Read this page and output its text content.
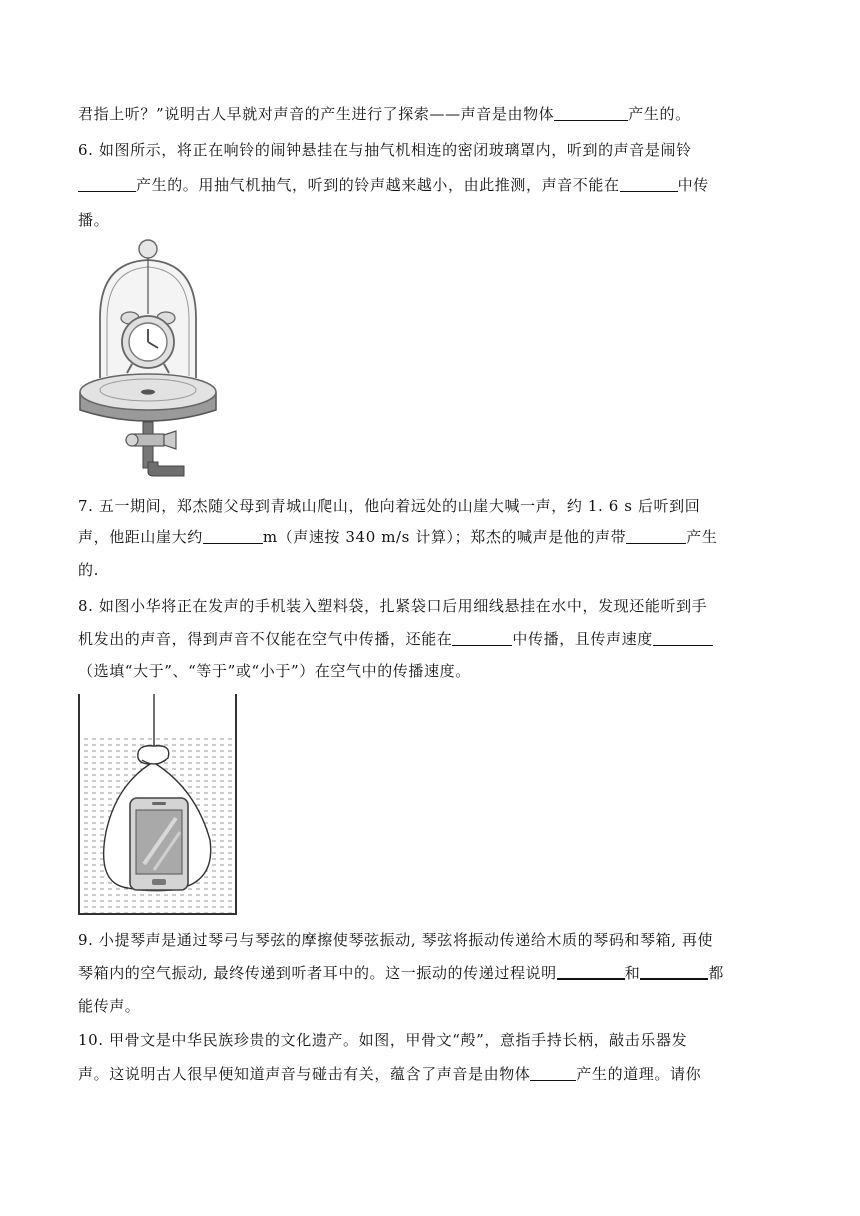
君指上听？”说明古人早就对声音的产生进行了探索——声音是由物体	产生的。
6. 如图所示，将正在响铃的闹钟悬挂在与抽气机相连的密闭玻璃罩内，听到的声音是闹铃
产生的。用抽气机抽气，听到的铃声越来越小，由此推测，声音不能在	中传
播。
7. 五一期间，郑杰随父母到青城山爬山，他向着远处的山崖大喊一声，约 1. 6 s 后听到回
声，他距山崖大约	m（声速按 340 m/s 计算）；郑杰的喊声是他的声带	产生
的.
8. 如图小华将正在发声的手机装入塑料袋，扎紧袋口后用细线悬挂在水中，发现还能听到手
机发出的声音，得到声音不仅能在空气中传播，还能在	中传播，且传声速度
（选填“大于”、“等于”或“小于”）在空气中的传播速度。
9. 小提琴声是通过琴弓与琴弦的摩擦使琴弦振动, 琴弦将振动传递给木质的琴码和琴箱, 再使
琴箱内的空气振动, 最终传递到听者耳中的。这一振动的传递过程说明	和	都
能传声。
10. 甲骨文是中华民族珍贵的文化遗产。如图，甲骨文“殸”，意指手持长柄，敲击乐器发
声。这说明古人很早便知道声音与碰击有关，蕴含了声音是由物体	产生的道理。请你
